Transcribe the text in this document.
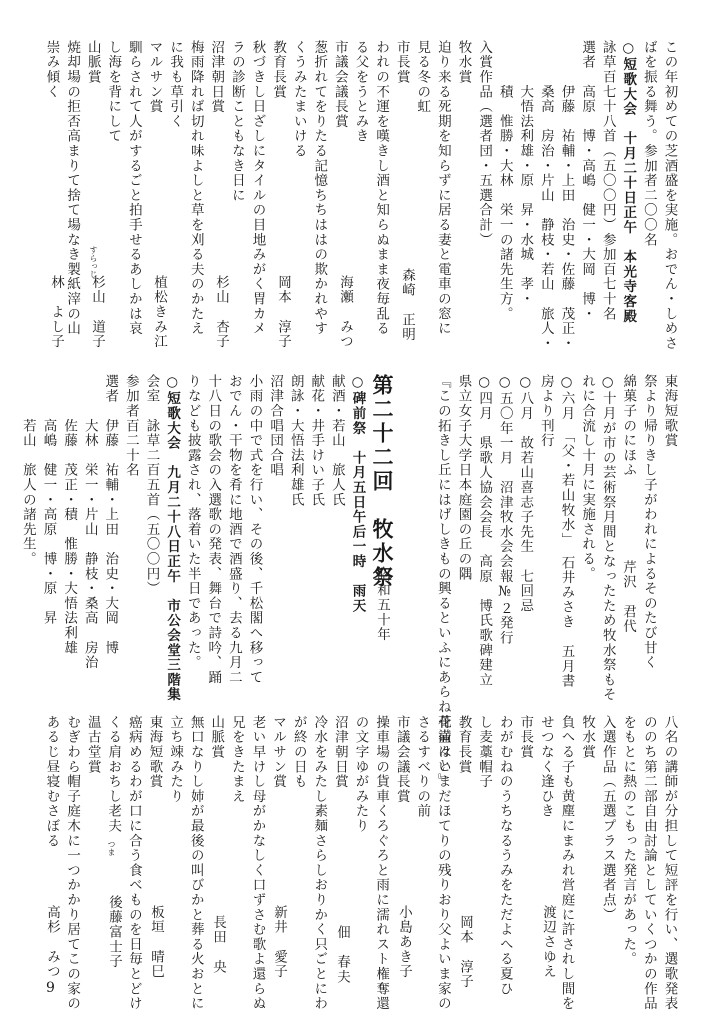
この年初めての芝酒盛を実施。おでん・しめさ
ばを振る舞う。参加者二〇〇名
○短歌大会　十月二十日正午　本光寺客殿
詠草百七十八首（五〇〇円）参加百七十名
選者　高原　博・高嶋　健一・大岡　博・
　　　伊藤　祐輔・上田　治史・佐藤　茂正・
　　　桑高　房治・片山　静枝・若山　旅人・
　　　大悟法利雄・原　昇・水城　孝・
　　　積　惟勝・大林　栄一の諸先生方。
入賞作品（選者団・五選合計）
牧水賞
迫り来る死期を知らずに居る妻と電車の窓に
見る冬の虹
市長賞
われの不運を嘆きし酒と知らぬまま夜毎乱る
る父をうとみき
市議会議長賞
葱折れてをりたる記憶ちちははの欺かれやす
くうみたまいける
教育長賞
秋づきし日ざしにタイルの目地みがく胃カメ
ラの診断こともなき日に
沼津朝日賞
梅雨降れば切れ味よしと草を刈る夫のかたえ
に我も草引く
マルサン賞
馴らされて人がするごと拍手せるあしかは哀
し海を背にして
山脈賞
焼却場の拒否高まりて捨て場なき製紙滓の山
崇み傾く
森崎　正明
海瀬　みつ
岡本　淳子
杉山　杏子
植松きみ江
杉山　道子
林　よし子
すらっじ
東海短歌賞
祭より帰りきし子がわれによるそのたび甘く
綿菓子のにほふ
○十月が市の芸術祭月間となったため牧水祭もそ
れに合流し十月に実施される。
○六月　「父・若山牧水」　石井みさき　五月書
房より刊行
○八月　故若山喜志子先生　七回忌
○五〇年一月　沼津牧水会会報№２発行
○四月　県歌人協会会長　高原　博氏歌碑建立
県立女子大学日本庭園の丘の隅
『この拓きし丘にはげしきもの興るといふにあらね花満々と』	芹沢　君代
○碑前祭　十月五日午后一時　雨天
献酒・若山　旅人氏
献花・井手けい子氏
朗詠・大悟法利雄氏
沼津合唱団合唱
小雨の中で式を行い、その後、千松閣へ移って
おでん・干物を肴に地酒で酒盛り、去る九月二
十八日の歌会の入選歌の発表、舞台で詩吟、踊
りなども披露され、落着いた半日であった。
○短歌大会　九月二十八日正午　市公会堂三階集
会室　詠草二百五首（五〇〇円）
参加者百二十名
選者　伊藤　祐輔・上田　治史・大岡　博
　　　大林　栄一・片山　静枝・桑高　房治
　　　佐藤　茂正・積　惟勝・大悟法利雄
　　　高嶋　健一・高原　博・原　昇
　　　若山　旅人の諸先生。	第二十二回　牧水祭
昭和五十年
八名の講師が分担して短評を行い、選歌発表
ののち第二部自由討論としていくつかの作品
をもとに熱のこもった発言があった。
入選作品（五選プラス選者点）
牧水賞
負へる子も黄塵にまみれ営庭に許されし間を
せつなく逢ひき
市長賞
わがむねのうちなるうみをただよへる夏ひ
し麦藁帽子
教育長賞
骨壷はいまだほてりの残りおり父よいま家の
さるすべりの前
市議会議長賞
操車場の貨車くろぐろと雨に濡れスト権奪還
の文字ゆがみたり
沼津朝日賞
冷水をみたし素麺さらしおりかく只ごとにわ
が終の日も
マルサン賞
老い早けし母がかなしく口ずさむ歌よ還らぬ
兄をきたまえ
山脈賞
無口なりし姉が最後の叫びかと葬る火おとに
立ち竦みたり
東海短歌賞
癌病めるわが口に合う食べものを日毎とどけ
くる肩おちし老夫
温古堂賞
むぎわら帽子庭木に一つかかり居てこの家の
あるじ昼寝むさぼる
渡辺さゆえ
岡本　淳子
小島あき子
佃　春夫
新井　愛子
長田　央
板垣　晴巳
後藤富士子
高杉　みつ
つま
9
